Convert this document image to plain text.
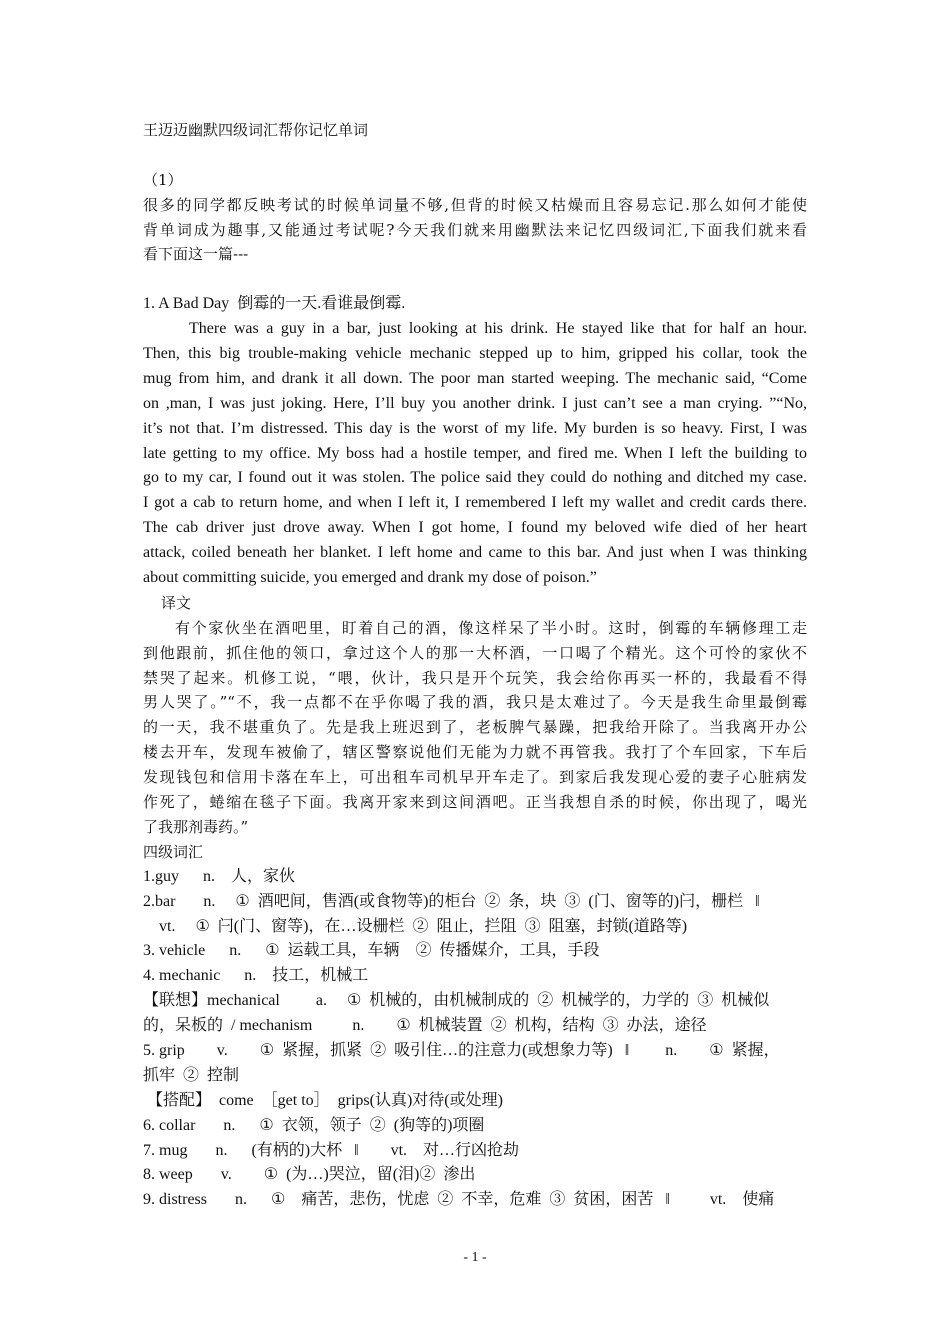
王迈迈幽默四级词汇帮你记忆单词
（1）
很多的同学都反映考试的时候单词量不够,但背的时候又枯燥而且容易忘记.那么如何才能使
背单词成为趣事,又能通过考试呢?今天我们就来用幽默法来记忆四级词汇,下面我们就来看
看下面这一篇---
1. A Bad Day  倒霉的一天.看谁最倒霉.
There was a guy in a bar, just looking at his drink. He stayed like that for half an hour.
Then, this big trouble-making vehicle mechanic stepped up to him, gripped his collar, took the
mug from him, and drank it all down. The poor man started weeping. The mechanic said, “Come
on ,man, I was just joking. Here, I’ll buy you another drink. I just can’t see a man crying. ”“No,
it’s not that. I’m distressed. This day is the worst of my life. My burden is so heavy. First, I was
late getting to my office. My boss had a hostile temper, and fired me. When I left the building to
go to my car, I found out it was stolen. The police said they could do nothing and ditched my case.
I got a cab to return home, and when I left it, I remembered I left my wallet and credit cards there.
The cab driver just drove away. When I got home, I found my beloved wife died of her heart
attack, coiled beneath her blanket. I left home and came to this bar. And just when I was thinking
about committing suicide, you emerged and drank my dose of poison.”
译文
有个家伙坐在酒吧里，盯着自己的酒，像这样呆了半小时。这时，倒霉的车辆修理工走
到他跟前，抓住他的领口，拿过这个人的那一大杯酒，一口喝了个精光。这个可怜的家伙不
禁哭了起来。机修工说，“喂，伙计，我只是开个玩笑，我会给你再买一杯的，我最看不得
男人哭了。”“不，我一点都不在乎你喝了我的酒，我只是太难过了。今天是我生命里最倒霉
的一天，我不堪重负了。先是我上班迟到了，老板脾气暴躁，把我给开除了。当我离开办公
楼去开车，发现车被偷了，辖区警察说他们无能为力就不再管我。我打了个车回家，下车后
发现钱包和信用卡落在车上，可出租车司机早开车走了。到家后我发现心爱的妻子心脏病发
作死了，蜷缩在毯子下面。我离开家来到这间酒吧。正当我想自杀的时候，你出现了，喝光
了我那剂毒药。”
四级词汇
1.guy      n.    人，家伙
2.bar       n.     ①  酒吧间，售酒(或食物等)的柜台  ②  条，块  ③  (门、窗等的)闩，栅栏   ‖
vt.     ①  闩(门、窗等)，在…设栅栏  ②  阻止，拦阻  ③  阻塞，封锁(道路等)
3. vehicle      n.      ①  运载工具，车辆    ②  传播媒介，工具，手段
4. mechanic      n.    技工，机械工
【联想】mechanical         a.     ①  机械的，由机械制成的  ②  机械学的，力学的  ③  机械似
的，呆板的  / mechanism          n.        ①  机械装置  ②  机构，结构  ③  办法，途径
5. grip        v.        ①  紧握，抓紧  ②  吸引住…的注意力(或想象力等)   ‖         n.        ①  紧握，
抓牢  ②  控制
【搭配】  come  ［get to］  grips(认真)对待(或处理)
6. collar       n.      ①  衣领，领子  ②  (狗等的)项圈
7. mug       n.      (有柄的)大杯   ‖        vt.    对…行凶抢劫
8. weep       v.        ①  (为…)哭泣，留(泪)②  渗出
9. distress       n.      ①    痛苦，悲伤，忧虑  ②  不幸，危难  ③  贫困，困苦   ‖          vt.    使痛
- 1 -
